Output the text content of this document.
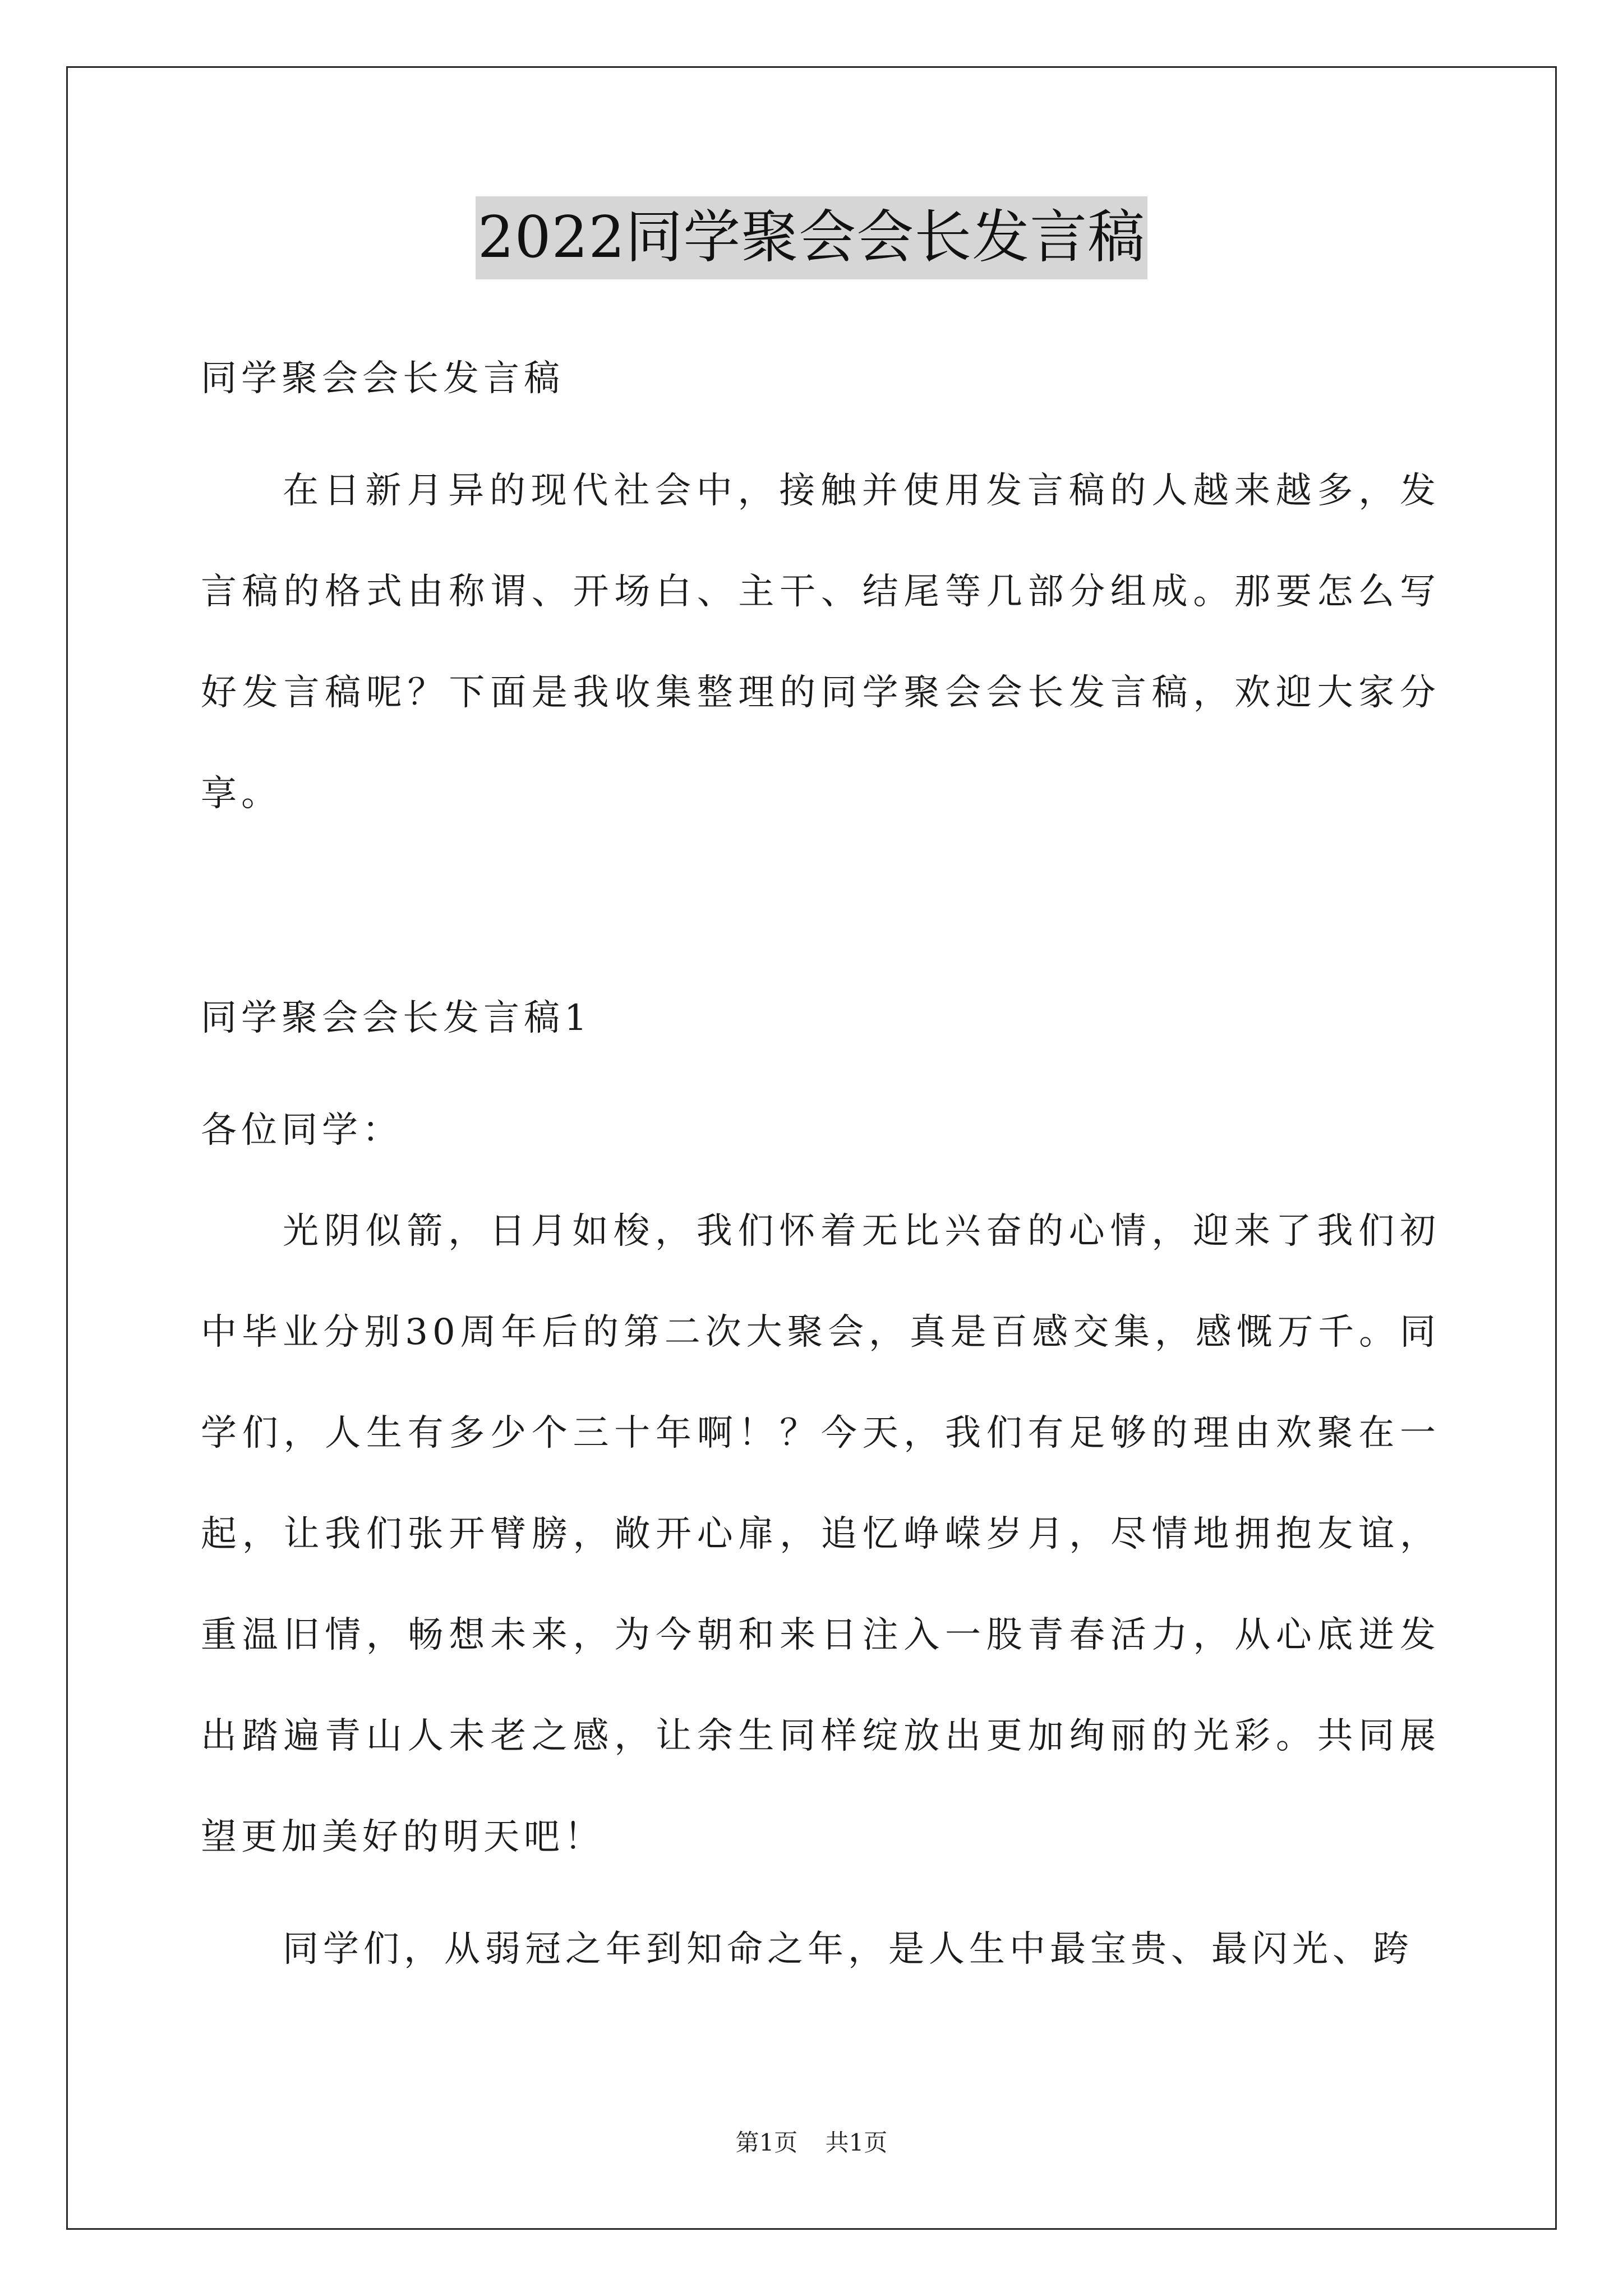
2022同学聚会会长发言稿

同学聚会会长发言稿

在日新月异的现代社会中，接触并使用发言稿的人越来越多，发言稿的格式由称谓、开场白、主干、结尾等几部分组成。那要怎么写好发言稿呢？下面是我收集整理的同学聚会会长发言稿，欢迎大家分享。

同学聚会会长发言稿1

各位同学：

光阴似箭，日月如梭，我们怀着无比兴奋的心情，迎来了我们初中毕业分别30周年后的第二次大聚会，真是百感交集，感慨万千。同学们，人生有多少个三十年啊！？今天，我们有足够的理由欢聚在一起，让我们张开臂膀，敞开心扉，追忆峥嵘岁月，尽情地拥抱友谊，重温旧情，畅想未来，为今朝和来日注入一股青春活力，从心底迸发出踏遍青山人未老之感，让余生同样绽放出更加绚丽的光彩。共同展望更加美好的明天吧！

同学们，从弱冠之年到知命之年，是人生中最宝贵、最闪光、跨

第1页 共1页
